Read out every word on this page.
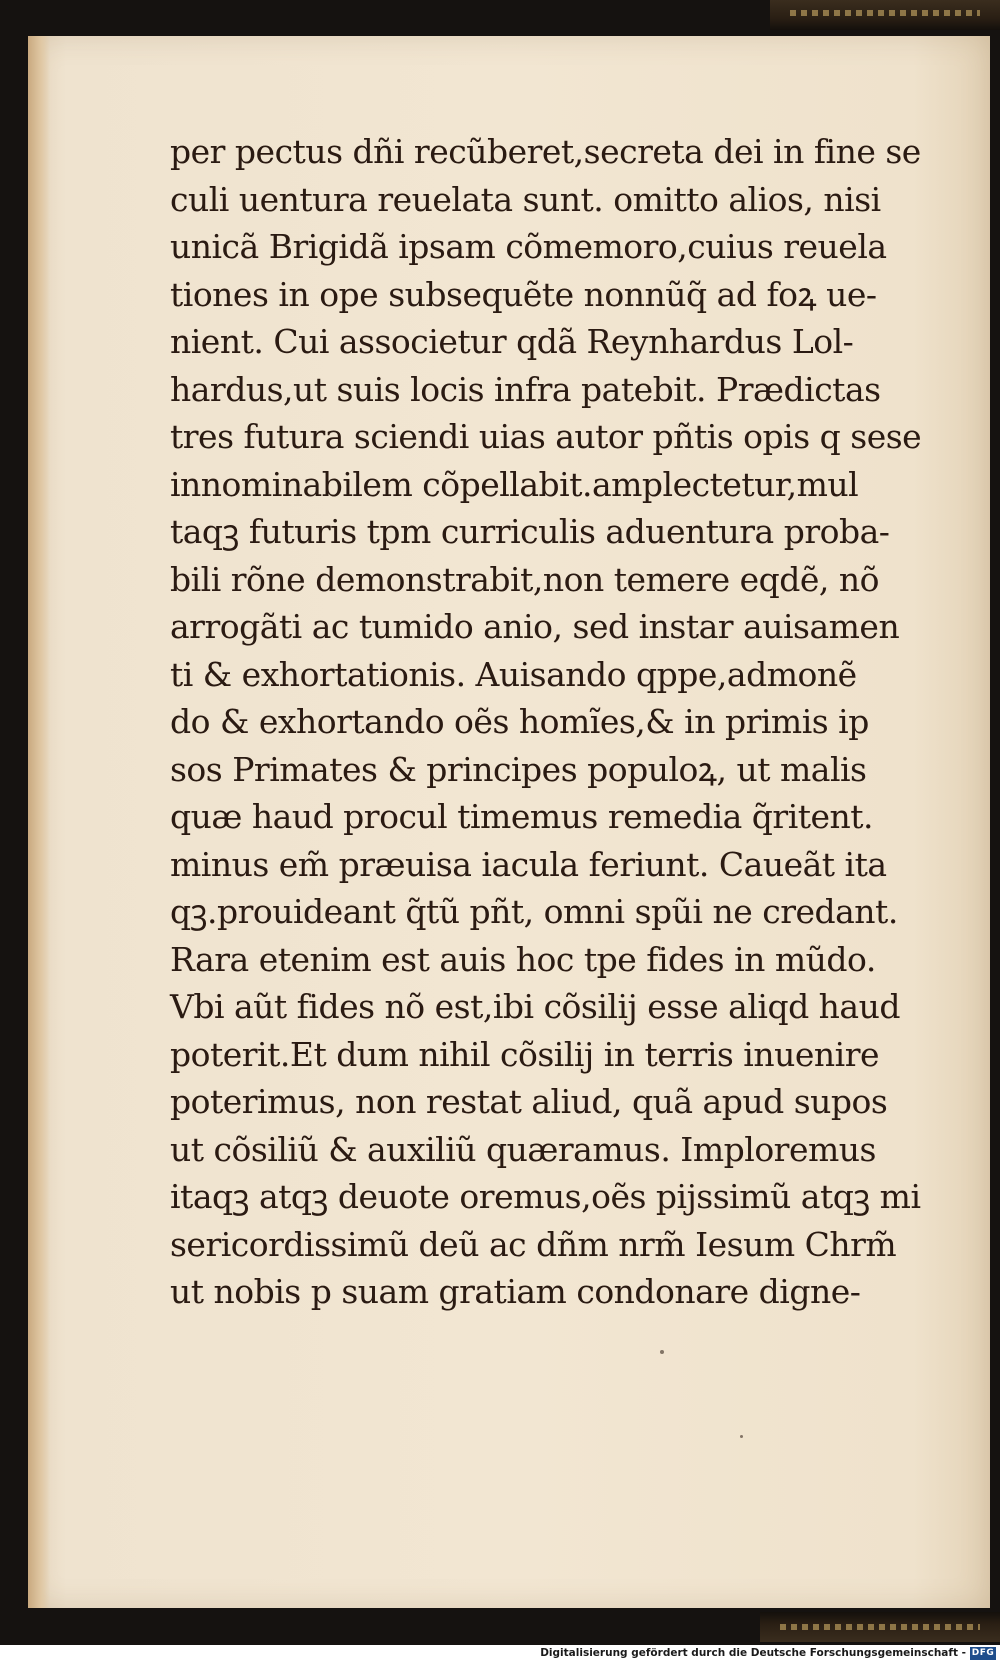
per pectus dñi recũberet,secreta dei in fine se
culi uentura reuelata sunt. omitto alios, nisi
unicã Brigidã ipsam cõmemoro,cuius reuela
tiones in ope subsequẽte nonnũq̃ ad foꝝ ue-
nient. Cui associetur qdã Reynhardus Lol-
hardus,ut suis locis infra patebit. Prædictas
tres futura sciendi uias autor pñtis opis q sese
innominabilem cõpellabit.amplectetur,mul
taqꝫ futuris tpm curriculis aduentura proba-
bili rõne demonstrabit,non temere eqdẽ, nõ
arrogãti ac tumido anio, sed instar auisamen
ti & exhortationis. Auisando qppe,admonẽ
do & exhortando oẽs homĩes,& in primis ip
sos Primates & principes populoꝝ, ut malis
quæ haud procul timemus remedia q̃ritent.
minus em̃ præuisa iacula feriunt. Caueãt ita
qꝫ.prouideant q̃tũ pñt, omni spũi ne credant.
Rara etenim est auis hoc tpe fides in mũdo.
Vbi aũt fides nõ est,ibi cõsilij esse aliqd haud
poterit.Et dum nihil cõsilij in terris inuenire
poterimus, non restat aliud, quã apud supos
ut cõsiliũ & auxiliũ quæramus. Imploremus
itaqꝫ atqꝫ deuote oremus,oẽs pijssimũ atqꝫ mi
sericordissimũ deũ ac dñm nrm̃ Iesum Chrm̃
ut nobis p suam gratiam condonare digne-
Digitalisierung gefördert durch die Deutsche Forschungsgemeinschaft - DFG
